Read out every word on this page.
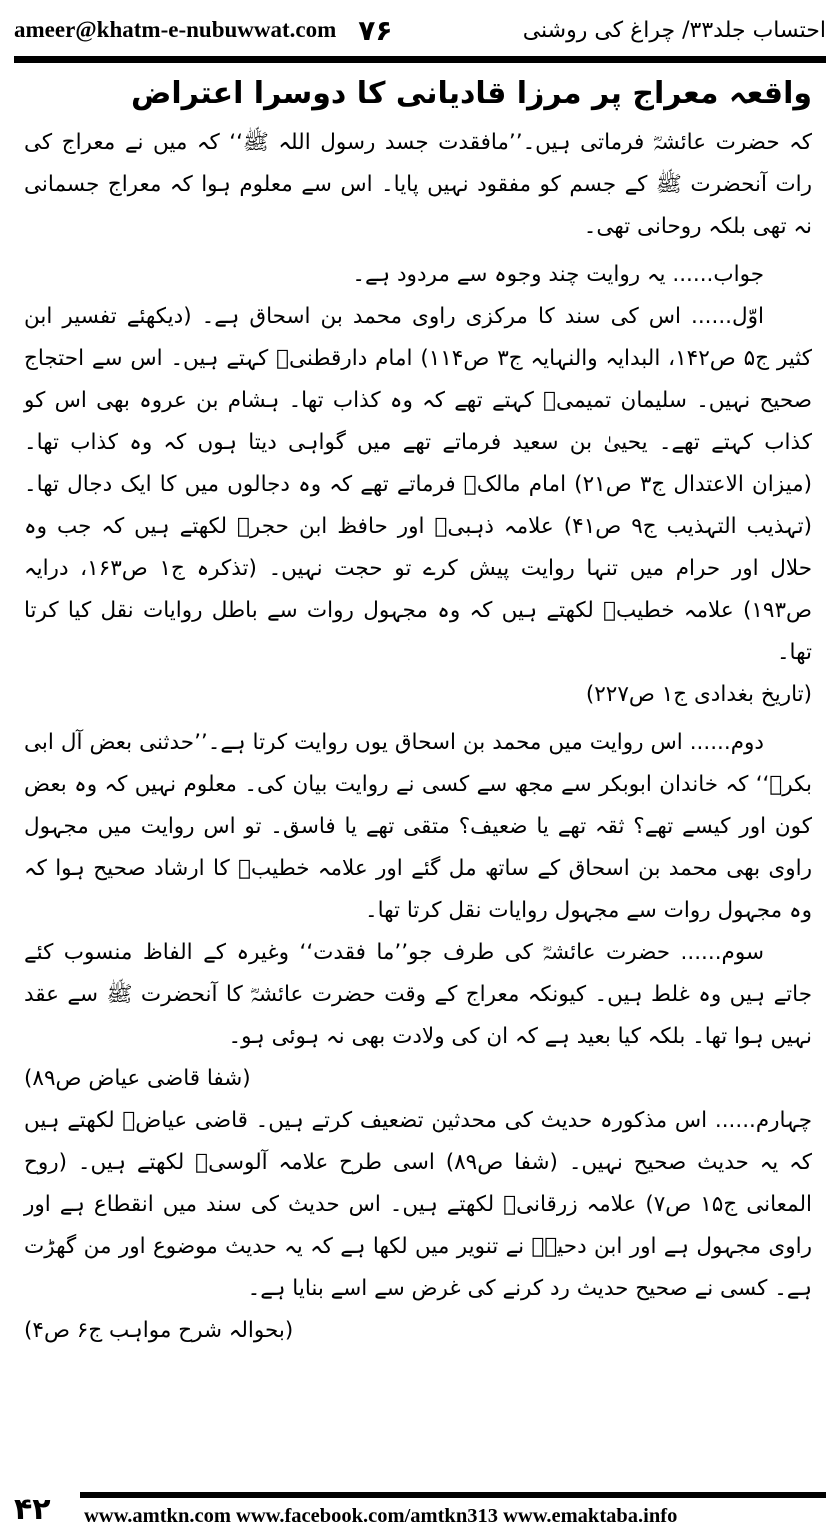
ameer@khatm-e-nubuwwat.com ۷۶	احتساب جلد۳۳/ چراغ کی روشنی
واقعہ معراج پر مرزا قادیانی کا دوسرا اعتراض

کہ حضرت عائشہؓ فرماتی ہیں۔’’مافقدت جسد رسول اللہ ﷺ‘‘ کہ میں نے معراج کی رات آنحضرت ﷺ کے جسم کو مفقود نہیں پایا۔ اس سے معلوم ہوا کہ معراج جسمانی نہ تھی بلکہ روحانی تھی۔

جواب...... یہ روایت چند وجوہ سے مردود ہے۔

اوّل...... اس کی سند کا مرکزی راوی محمد بن اسحاق ہے۔ (دیکھئے تفسیر ابن کثیر ج۵ ص۱۴۲، البدایہ والنہایہ ج۳ ص۱۱۴) امام دارقطنیؒ کہتے ہیں۔ اس سے احتجاج صحیح نہیں۔ سلیمان تمیمیؒ کہتے تھے کہ وہ کذاب تھا۔ ہشام بن عروہ بھی اس کو کذاب کہتے تھے۔ یحییٰ بن سعید فرماتے تھے میں گواہی دیتا ہوں کہ وہ کذاب تھا۔ (میزان الاعتدال ج۳ ص۲۱) امام مالکؒ فرماتے تھے کہ وہ دجالوں میں کا ایک دجال تھا۔ (تہذیب التہذیب ج۹ ص۴۱) علامہ ذہبیؒ اور حافظ ابن حجرؒ لکھتے ہیں کہ جب وہ حلال اور حرام میں تنہا روایت پیش کرے تو حجت نہیں۔ (تذکرہ ج۱ ص۱۶۳، درایہ ص۱۹۳) علامہ خطیبؒ لکھتے ہیں کہ وہ مجہول روات سے باطل روایات نقل کیا کرتا تھا۔

(تاریخ بغدادی ج۱ ص۲۲۷)

دوم...... اس روایت میں محمد بن اسحاق یوں روایت کرتا ہے۔’’حدثنی بعض آل ابی بکرؓ‘‘ کہ خاندان ابوبکر سے مجھ سے کسی نے روایت بیان کی۔ معلوم نہیں کہ وہ بعض کون اور کیسے تھے؟ ثقہ تھے یا ضعیف؟ متقی تھے یا فاسق۔ تو اس روایت میں مجہول راوی بھی محمد بن اسحاق کے ساتھ مل گئے اور علامہ خطیبؒ کا ارشاد صحیح ہوا کہ وہ مجہول روات سے مجہول روایات نقل کرتا تھا۔

سوم...... حضرت عائشہؓ کی طرف جو’’ما فقدت‘‘ وغیرہ کے الفاظ منسوب کئے جاتے ہیں وہ غلط ہیں۔ کیونکہ معراج کے وقت حضرت عائشہؓ کا آنحضرت ﷺ سے عقد نہیں ہوا تھا۔ بلکہ کیا بعید ہے کہ ان کی ولادت بھی نہ ہوئی ہو۔

(شفا قاضی عیاض ص۸۹)

چہارم...... اس مذکورہ حدیث کی محدثین تضعیف کرتے ہیں۔ قاضی عیاضؒ لکھتے ہیں کہ یہ حدیث صحیح نہیں۔ (شفا ص۸۹) اسی طرح علامہ آلوسیؒ لکھتے ہیں۔ (روح المعانی ج۱۵ ص۷) علامہ زرقانیؒ لکھتے ہیں۔ اس حدیث کی سند میں انقطاع ہے اور راوی مجہول ہے اور ابن دحیہؒ نے تنویر میں لکھا ہے کہ یہ حدیث موضوع اور من گھڑت ہے۔ کسی نے صحیح حدیث رد کرنے کی غرض سے اسے بنایا ہے۔

(بحوالہ شرح مواہب ج۶ ص۴)

۴۲	www.amtkn.com www.facebook.com/amtkn313 www.emaktaba.info
